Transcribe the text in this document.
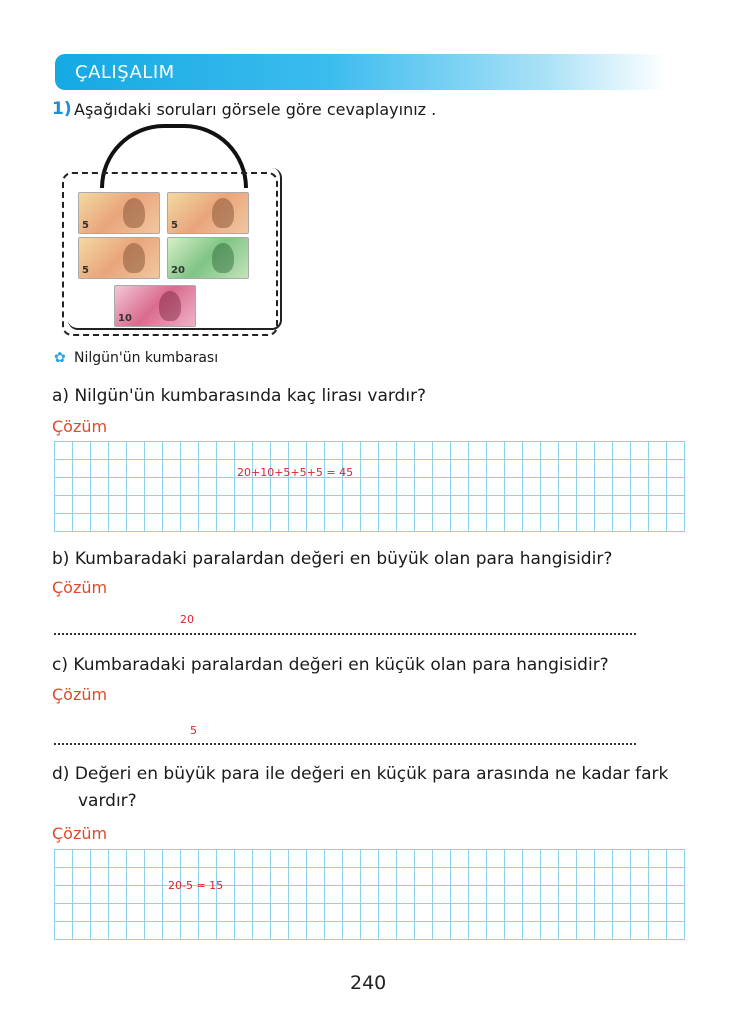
ÇALIŞALIM
1) Aşağıdaki soruları görsele göre cevaplayınız .
5	5
5	20
10
✿ Nilgün'ün kumbarası
a) Nilgün'ün kumbarasında kaç lirası vardır?
Çözüm
20+10+5+5+5 = 45
b) Kumbaradaki paralardan değeri en büyük olan para hangisidir?
Çözüm
20
c) Kumbaradaki paralardan değeri en küçük olan para hangisidir?
Çözüm
5
d) Değeri en büyük para ile değeri en küçük para arasında ne kadar fark
vardır?
Çözüm
20-5 = 15
240
